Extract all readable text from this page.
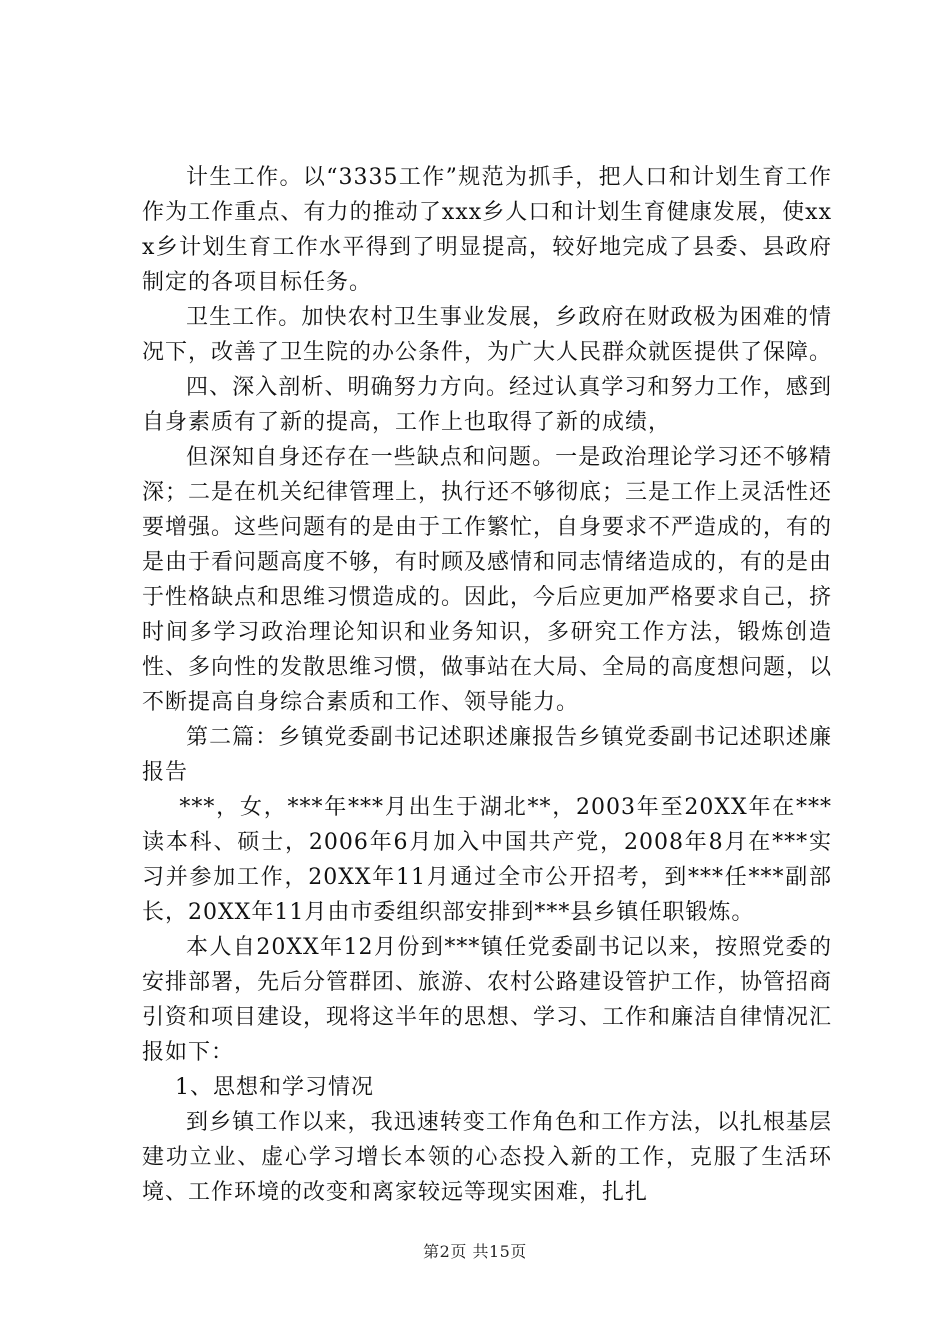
计生工作。以“3335工作”规范为抓手，把人口和计划生育工作作为工作重点、有力的推动了xxx乡人口和计划生育健康发展，使xxx乡计划生育工作水平得到了明显提高，较好地完成了县委、县政府制定的各项目标任务。

卫生工作。加快农村卫生事业发展，乡政府在财政极为困难的情况下，改善了卫生院的办公条件，为广大人民群众就医提供了保障。

四、深入剖析、明确努力方向。经过认真学习和努力工作，感到自身素质有了新的提高，工作上也取得了新的成绩，

但深知自身还存在一些缺点和问题。一是政治理论学习还不够精深；二是在机关纪律管理上，执行还不够彻底；三是工作上灵活性还要增强。这些问题有的是由于工作繁忙，自身要求不严造成的，有的是由于看问题高度不够，有时顾及感情和同志情绪造成的，有的是由于性格缺点和思维习惯造成的。因此，今后应更加严格要求自己，挤时间多学习政治理论知识和业务知识，多研究工作方法，锻炼创造性、多向性的发散思维习惯，做事站在大局、全局的高度想问题，以不断提高自身综合素质和工作、领导能力。

第二篇：乡镇党委副书记述职述廉报告乡镇党委副书记述职述廉报告

***，女，***年***月出生于湖北**，2003年至20XX年在***读本科、硕士，2006年6月加入中国共产党，2008年8月在***实习并参加工作，20XX年11月通过全市公开招考，到***任***副部长，20XX年11月由市委组织部安排到***县乡镇任职锻炼。

本人自20XX年12月份到***镇任党委副书记以来，按照党委的安排部署，先后分管群团、旅游、农村公路建设管护工作，协管招商引资和项目建设，现将这半年的思想、学习、工作和廉洁自律情况汇报如下：

1、思想和学习情况

到乡镇工作以来，我迅速转变工作角色和工作方法，以扎根基层建功立业、虚心学习增长本领的心态投入新的工作，克服了生活环境、工作环境的改变和离家较远等现实困难，扎扎

第2页 共15页
